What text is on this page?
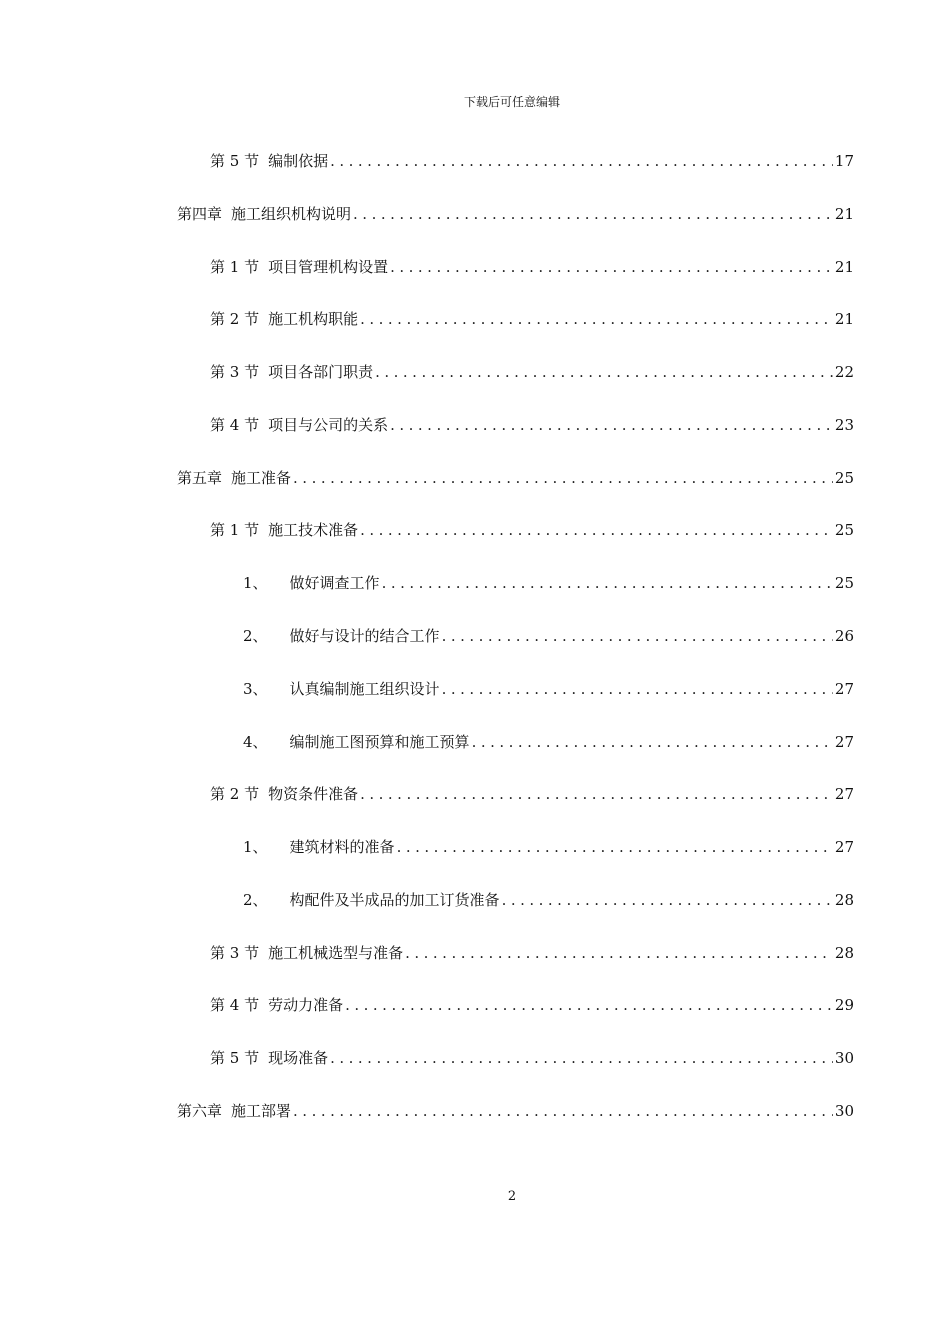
下载后可任意编辑
第 5 节 编制依据 .....	17
第四章 施工组织机构说明 .....	21
第 1 节 项目管理机构设置 .....	21
第 2 节 施工机构职能 .....	21
第 3 节 项目各部门职责 .....	22
第 4 节 项目与公司的关系 .....	23
第五章 施工准备 .....	25
第 1 节 施工技术准备 .....	25
1、 做好调查工作 .....	25
2、 做好与设计的结合工作 .....	26
3、 认真编制施工组织设计 .....	27
4、 编制施工图预算和施工预算 .....	27
第 2 节 物资条件准备 .....	27
1、 建筑材料的准备 .....	27
2、 构配件及半成品的加工订货准备 .....	28
第 3 节 施工机械选型与准备 .....	28
第 4 节 劳动力准备 .....	29
第 5 节 现场准备 .....	30
第六章 施工部署 .....	30
2
